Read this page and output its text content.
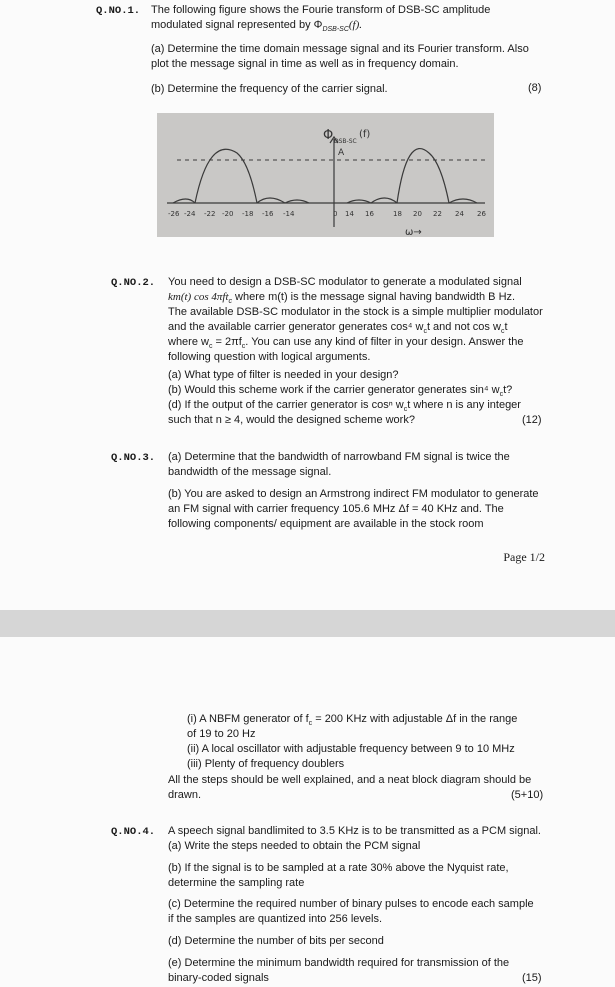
Q.NO.1. The following figure shows the Fourie transform of DSB-SC amplitude
modulated signal represented by $\Phi_{DSB-SC}(f)$.
(a) Determine the time domain message signal and its Fourier transform. Also
plot the message signal in time as well as in frequency domain.
(b) Determine the frequency of the carrier signal.	(8)
-26 -24 -22 -20 -18 -16 -14	0 14 16	18 20 22 24 26
Φ DSB-SC
(f)
A
ω→
Q.NO.2. You need to design a DSB-SC modulator to generate a modulated signal
km(t) cos 4πft$_c$ where m(t) is the message signal having bandwidth B Hz.
The available DSB-SC modulator in the stock is a simple multiplier modulator
and the available carrier generator generates cos⁴ $w_ct$ and not $\cos w_ct$
where $w_c = 2\pi f_c$. You can use any kind of filter in your design. Answer the
following question with logical arguments.
(a) What type of filter is needed in your design?
(b) Would this scheme work if the carrier generator generates sin⁴ $w_ct$?
(d) If the output of the carrier generator is cosⁿ $w_ct$ where n is any integer
such that n ≥ 4, would the designed scheme work?	(12)
Q.NO.3. (a) Determine that the bandwidth of narrowband FM signal is twice the
bandwidth of the message signal.
(b) You are asked to design an Armstrong indirect FM modulator to generate
an FM signal with carrier frequency 105.6 MHz Δf = 40 KHz and. The
following components/ equipment are available in the stock room
Page 1/2
(i) A NBFM generator of $f_c = 200$ KHz with adjustable Δf in the range
of 19 to 20 Hz
(ii) A local oscillator with adjustable frequency between 9 to 10 MHz
(iii) Plenty of frequency doublers
All the steps should be well explained, and a neat block diagram should be
drawn.	(5+10)
Q.NO.4. A speech signal bandlimited to 3.5 KHz is to be transmitted as a PCM signal.
(a) Write the steps needed to obtain the PCM signal
(b) If the signal is to be sampled at a rate 30% above the Nyquist rate,
determine the sampling rate
(c) Determine the required number of binary pulses to encode each sample
if the samples are quantized into 256 levels.
(d) Determine the number of bits per second
(e) Determine the minimum bandwidth required for transmission of the
binary-coded signals	(15)
